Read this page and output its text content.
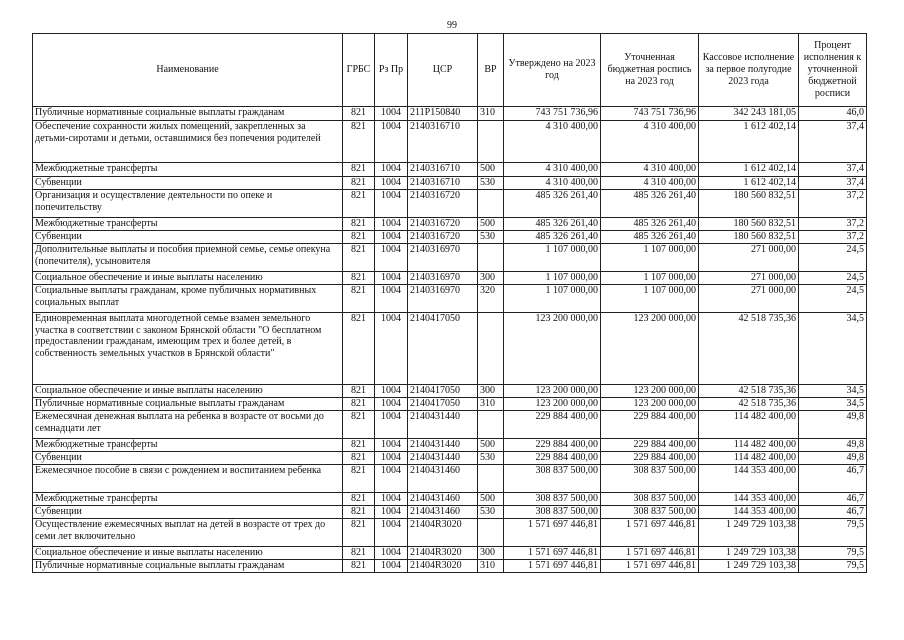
99
Наименование	ГРБС	Рз Пр	ЦСР	ВР	Утверждено на 2023 год	Уточненная бюджетная роспись на 2023 год	Кассовое исполнение за первое полугодие 2023 года	Процент исполнения к уточненной бюджетной росписи
Публичные нормативные социальные выплаты гражданам	821	1004	211P150840	310	743 751 736,96	743 751 736,96	342 243 181,05	46,0
Обеспечение сохранности жилых помещений, закрепленных за детьми-сиротами и детьми, оставшимися без попечения родителей	821	1004	2140316710		4 310 400,00	4 310 400,00	1 612 402,14	37,4
Межбюджетные трансферты	821	1004	2140316710	500	4 310 400,00	4 310 400,00	1 612 402,14	37,4
Субвенции	821	1004	2140316710	530	4 310 400,00	4 310 400,00	1 612 402,14	37,4
Организация и осуществление деятельности по опеке и попечительству	821	1004	2140316720		485 326 261,40	485 326 261,40	180 560 832,51	37,2
Межбюджетные трансферты	821	1004	2140316720	500	485 326 261,40	485 326 261,40	180 560 832,51	37,2
Субвенции	821	1004	2140316720	530	485 326 261,40	485 326 261,40	180 560 832,51	37,2
Дополнительные выплаты и пособия приемной семье, семье опекуна (попечителя), усыновителя	821	1004	2140316970		1 107 000,00	1 107 000,00	271 000,00	24,5
Социальное обеспечение и иные выплаты населению	821	1004	2140316970	300	1 107 000,00	1 107 000,00	271 000,00	24,5
Социальные выплаты гражданам, кроме публичных нормативных социальных выплат	821	1004	2140316970	320	1 107 000,00	1 107 000,00	271 000,00	24,5
Единовременная выплата многодетной семье взамен земельного участка в соответствии с законом Брянской области "О бесплатном предоставлении гражданам, имеющим трех и более детей, в собственность земельных участков в Брянской области"	821	1004	2140417050		123 200 000,00	123 200 000,00	42 518 735,36	34,5
Социальное обеспечение и иные выплаты населению	821	1004	2140417050	300	123 200 000,00	123 200 000,00	42 518 735,36	34,5
Публичные нормативные социальные выплаты гражданам	821	1004	2140417050	310	123 200 000,00	123 200 000,00	42 518 735,36	34,5
Ежемесячная денежная выплата на ребенка в возрасте от восьми до семнадцати лет	821	1004	2140431440		229 884 400,00	229 884 400,00	114 482 400,00	49,8
Межбюджетные трансферты	821	1004	2140431440	500	229 884 400,00	229 884 400,00	114 482 400,00	49,8
Субвенции	821	1004	2140431440	530	229 884 400,00	229 884 400,00	114 482 400,00	49,8
Ежемесячное пособие в связи с рождением и воспитанием ребенка	821	1004	2140431460		308 837 500,00	308 837 500,00	144 353 400,00	46,7
Межбюджетные трансферты	821	1004	2140431460	500	308 837 500,00	308 837 500,00	144 353 400,00	46,7
Субвенции	821	1004	2140431460	530	308 837 500,00	308 837 500,00	144 353 400,00	46,7
Осуществление ежемесячных выплат на детей в возрасте от трех до семи лет включительно	821	1004	21404R3020		1 571 697 446,81	1 571 697 446,81	1 249 729 103,38	79,5
Социальное обеспечение и иные выплаты населению	821	1004	21404R3020	300	1 571 697 446,81	1 571 697 446,81	1 249 729 103,38	79,5
Публичные нормативные социальные выплаты гражданам	821	1004	21404R3020	310	1 571 697 446,81	1 571 697 446,81	1 249 729 103,38	79,5
